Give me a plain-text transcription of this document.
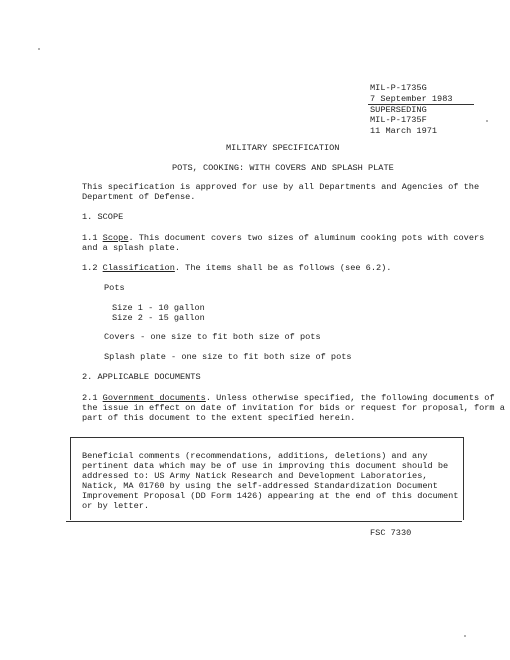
MIL-P-1735G
7 September 1983
SUPERSEDING
MIL-P-1735F
11 March 1971
MILITARY SPECIFICATION
POTS, COOKING: WITH COVERS AND SPLASH PLATE
This specification is approved for use by all Departments and Agencies of the
Department of Defense.
1. SCOPE
1.1 Scope. This document covers two sizes of aluminum cooking pots with covers
and a splash plate.
1.2 Classification. The items shall be as follows (see 6.2).
Pots
Size 1 - 10 gallon
Size 2 - 15 gallon
Covers - one size to fit both size of pots
Splash plate - one size to fit both size of pots
2. APPLICABLE DOCUMENTS
2.1 Government documents. Unless otherwise specified, the following documents of
the issue in effect on date of invitation for bids or request for proposal, form a
part of this document to the extent specified herein.
Beneficial comments (recommendations, additions, deletions) and any
pertinent data which may be of use in improving this document should be
addressed to: US Army Natick Research and Development Laboratories,
Natick, MA 01760 by using the self-addressed Standardization Document
Improvement Proposal (DD Form 1426) appearing at the end of this document
or by letter.
FSC 7330
